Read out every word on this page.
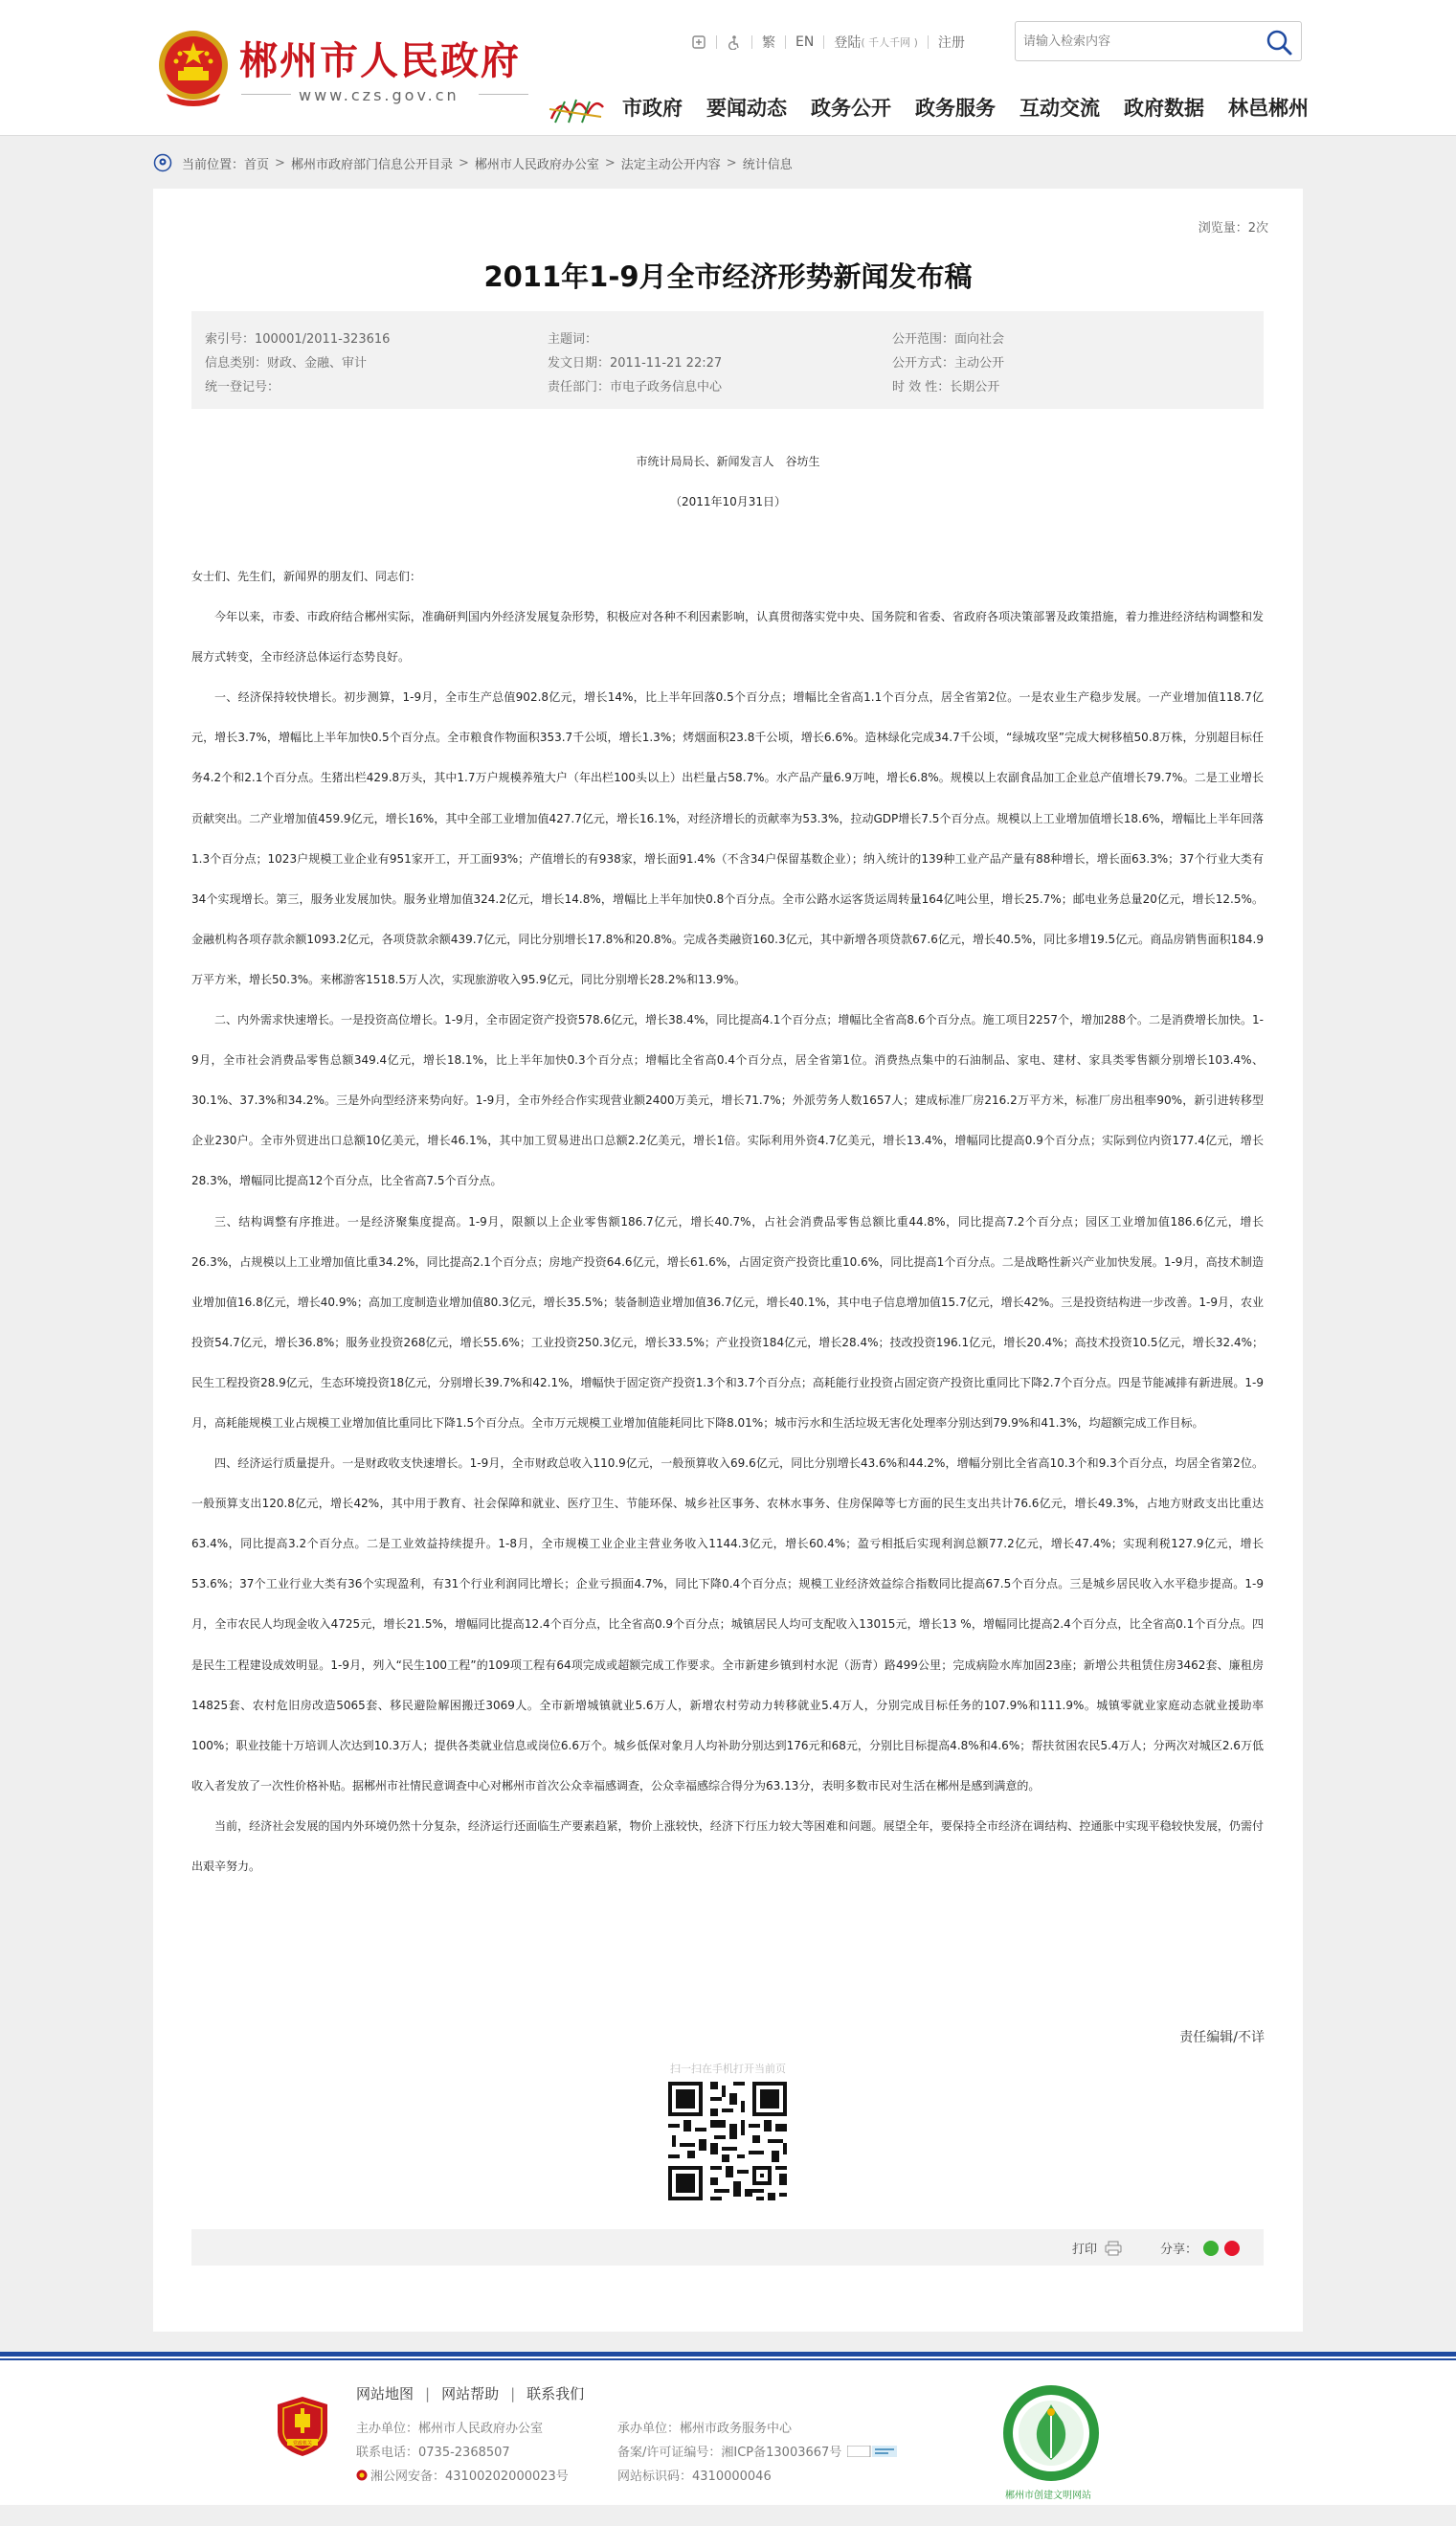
郴州市人民政府
www.czs.gov.cn
繁 EN 登陆 ( 千人千网 ) 注册
请输入检索内容
市政府 要闻动态 政务公开 政务服务 互动交流 政府数据 林邑郴州
当前位置： 首页 > 郴州市政府部门信息公开目录 > 郴州市人民政府办公室 > 法定主动公开内容 > 统计信息
浏览量：2次
2011年1-9月全市经济形势新闻发布稿
索引号：100001/2011-323616	主题词：	公开范围：面向社会
信息类别：财政、金融、审计	发文日期：2011-11-21 22:27	公开方式：主动公开
统一登记号：	责任部门：市电子政务信息中心	时 效 性：长期公开
市统计局局长、新闻发言人　谷坊生
（2011年10月31日）

女士们、先生们，新闻界的朋友们、同志们：

今年以来，市委、市政府结合郴州实际，准确研判国内外经济发展复杂形势，积极应对各种不利因素影响，认真贯彻落实党中央、国务院和省委、省政府各项决策部署及政策措施，着力推进经济结构调整和发展方式转变，全市经济总体运行态势良好。

一、经济保持较快增长。初步测算，1-9月，全市生产总值902.8亿元，增长14%，比上半年回落0.5个百分点；增幅比全省高1.1个百分点，居全省第2位。一是农业生产稳步发展。一产业增加值118.7亿元，增长3.7%，增幅比上半年加快0.5个百分点。全市粮食作物面积353.7千公顷，增长1.3%；烤烟面积23.8千公顷，增长6.6%。造林绿化完成34.7千公顷，“绿城攻坚”完成大树移植50.8万株，分别超目标任务4.2个和2.1个百分点。生猪出栏429.8万头，其中1.7万户规模养殖大户（年出栏100头以上）出栏量占58.7%。水产品产量6.9万吨，增长6.8%。规模以上农副食品加工企业总产值增长79.7%。二是工业增长贡献突出。二产业增加值459.9亿元，增长16%，其中全部工业增加值427.7亿元，增长16.1%，对经济增长的贡献率为53.3%，拉动GDP增长7.5个百分点。规模以上工业增加值增长18.6%，增幅比上半年回落1.3个百分点；1023户规模工业企业有951家开工，开工面93%；产值增长的有938家，增长面91.4%（不含34户保留基数企业）；纳入统计的139种工业产品产量有88种增长，增长面63.3%；37个行业大类有34个实现增长。第三，服务业发展加快。服务业增加值324.2亿元，增长14.8%，增幅比上半年加快0.8个百分点。全市公路水运客货运周转量164亿吨公里，增长25.7%；邮电业务总量20亿元，增长12.5%。金融机构各项存款余额1093.2亿元，各项贷款余额439.7亿元，同比分别增长17.8%和20.8%。完成各类融资160.3亿元，其中新增各项贷款67.6亿元，增长40.5%，同比多增19.5亿元。商品房销售面积184.9万平方米，增长50.3%。来郴游客1518.5万人次，实现旅游收入95.9亿元，同比分别增长28.2%和13.9%。

二、内外需求快速增长。一是投资高位增长。1-9月，全市固定资产投资578.6亿元，增长38.4%，同比提高4.1个百分点；增幅比全省高8.6个百分点。施工项目2257个，增加288个。二是消费增长加快。1-9月，全市社会消费品零售总额349.4亿元，增长18.1%，比上半年加快0.3个百分点；增幅比全省高0.4个百分点，居全省第1位。消费热点集中的石油制品、家电、建材、家具类零售额分别增长103.4%、30.1%、37.3%和34.2%。三是外向型经济来势向好。1-9月，全市外经合作实现营业额2400万美元，增长71.7%；外派劳务人数1657人；建成标准厂房216.2万平方米，标准厂房出租率90%，新引进转移型企业230户。全市外贸进出口总额10亿美元，增长46.1%，其中加工贸易进出口总额2.2亿美元，增长1倍。实际利用外资4.7亿美元，增长13.4%，增幅同比提高0.9个百分点；实际到位内资177.4亿元，增长28.3%，增幅同比提高12个百分点，比全省高7.5个百分点。

三、结构调整有序推进。一是经济聚集度提高。1-9月，限额以上企业零售额186.7亿元，增长40.7%，占社会消费品零售总额比重44.8%，同比提高7.2个百分点；园区工业增加值186.6亿元，增长26.3%，占规模以上工业增加值比重34.2%，同比提高2.1个百分点；房地产投资64.6亿元，增长61.6%，占固定资产投资比重10.6%，同比提高1个百分点。二是战略性新兴产业加快发展。1-9月，高技术制造业增加值16.8亿元，增长40.9%；高加工度制造业增加值80.3亿元，增长35.5%；装备制造业增加值36.7亿元，增长40.1%，其中电子信息增加值15.7亿元，增长42%。三是投资结构进一步改善。1-9月，农业投资54.7亿元，增长36.8%；服务业投资268亿元，增长55.6%；工业投资250.3亿元，增长33.5%；产业投资184亿元，增长28.4%；技改投资196.1亿元，增长20.4%；高技术投资10.5亿元，增长32.4%；民生工程投资28.9亿元，生态环境投资18亿元，分别增长39.7%和42.1%，增幅快于固定资产投资1.3个和3.7个百分点；高耗能行业投资占固定资产投资比重同比下降2.7个百分点。四是节能减排有新进展。1-9月，高耗能规模工业占规模工业增加值比重同比下降1.5个百分点。全市万元规模工业增加值能耗同比下降8.01%；城市污水和生活垃圾无害化处理率分别达到79.9%和41.3%，均超额完成工作目标。

四、经济运行质量提升。一是财政收支快速增长。1-9月，全市财政总收入110.9亿元，一般预算收入69.6亿元，同比分别增长43.6%和44.2%，增幅分别比全省高10.3个和9.3个百分点，均居全省第2位。一般预算支出120.8亿元，增长42%，其中用于教育、社会保障和就业、医疗卫生、节能环保、城乡社区事务、农林水事务、住房保障等七方面的民生支出共计76.6亿元，增长49.3%，占地方财政支出比重达63.4%，同比提高3.2个百分点。二是工业效益持续提升。1-8月，全市规模工业企业主营业务收入1144.3亿元，增长60.4%；盈亏相抵后实现利润总额77.2亿元，增长47.4%；实现利税127.9亿元，增长53.6%；37个工业行业大类有36个实现盈利，有31个行业利润同比增长；企业亏损面4.7%，同比下降0.4个百分点；规模工业经济效益综合指数同比提高67.5个百分点。三是城乡居民收入水平稳步提高。1-9月，全市农民人均现金收入4725元，增长21.5%，增幅同比提高12.4个百分点，比全省高0.9个百分点；城镇居民人均可支配收入13015元，增长13 %，增幅同比提高2.4个百分点，比全省高0.1个百分点。四是民生工程建设成效明显。1-9月，列入“民生100工程”的109项工程有64项完成或超额完成工作要求。全市新建乡镇到村水泥（沥青）路499公里；完成病险水库加固23座；新增公共租赁住房3462套、廉租房14825套、农村危旧房改造5065套、移民避险解困搬迁3069人。全市新增城镇就业5.6万人，新增农村劳动力转移就业5.4万人，分别完成目标任务的107.9%和111.9%。城镇零就业家庭动态就业援助率100%；职业技能十万培训人次达到10.3万人；提供各类就业信息或岗位6.6万个。城乡低保对象月人均补助分别达到176元和68元，分别比目标提高4.8%和4.6%；帮扶贫困农民5.4万人；分两次对城区2.6万低收入者发放了一次性价格补贴。据郴州市社情民意调查中心对郴州市首次公众幸福感调查，公众幸福感综合得分为63.13分，表明多数市民对生活在郴州是感到满意的。

当前，经济社会发展的国内外环境仍然十分复杂，经济运行还面临生产要素趋紧，物价上涨较快，经济下行压力较大等困难和问题。展望全年，要保持全市经济在调结构、控通胀中实现平稳较快发展，仍需付出艰辛努力。

责任编辑/不详
扫一扫在手机打开当前页
打印	分享：
党政机关
网站地图 | 网站帮助 | 联系我们
主办单位：郴州市人民政府办公室	承办单位：郴州市政务服务中心
联系电话：0735-2368507	备案/许可证编号：湘ICP备13003667号
湘公网安备：43100202000023号	网站标识码：4310000046
郴州市创建文明网站
